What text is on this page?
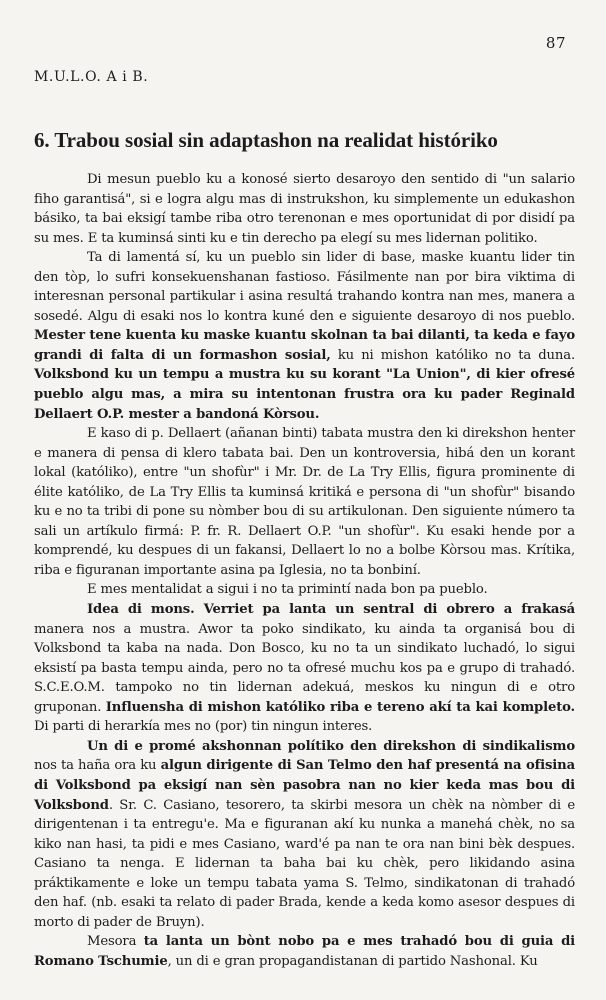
87
M.U.L.O. A i B.
6. Trabou sosial sin adaptashon na realidat históriko

Di mesun pueblo ku a konosé sierto desaroyo den sentido di "un salario fiho garantisá", si e logra algu mas di instrukshon, ku simplemente un edukashon básiko, ta bai eksigí tambe riba otro terenonan e mes oportunidat di por disidí pa su mes. E ta kuminsá sinti ku e tin derecho pa elegí su mes lidernan politiko.

Ta di lamentá sí, ku un pueblo sin lider di base, maske kuantu lider tin den tòp, lo sufri konsekuenshanan fastioso. Fásilmente nan por bira viktima di interesnan personal partikular i asina resultá trahando kontra nan mes, manera a sosedé. Algu di esaki nos lo kontra kuné den e siguiente desaroyo di nos pueblo. Mester tene kuenta ku maske kuantu skolnan ta bai dilanti, ta keda e fayo grandi di falta di un formashon sosial, ku ni mishon katóliko no ta duna. Volksbond ku un tempu a mustra ku su korant "La Union", di kier ofresé pueblo algu mas, a mira su intentonan frustra ora ku pader Reginald Dellaert O.P. mester a bandoná Kòrsou.

E kaso di p. Dellaert (añanan binti) tabata mustra den ki direkshon henter e manera di pensa di klero tabata bai. Den un kontroversia, hibá den un korant lokal (katóliko), entre "un shofùr" i Mr. Dr. de La Try Ellis, figura prominente di élite katóliko, de La Try Ellis ta kuminsá kritiká e persona di "un shofùr" bisando ku e no ta tribi di pone su nòmber bou di su artikulonan. Den siguiente número ta sali un artíkulo firmá: P. fr. R. Dellaert O.P. "un shofùr". Ku esaki hende por a komprendé, ku despues di un fakansi, Dellaert lo no a bolbe Kòrsou mas. Krítika, riba e figuranan importante asina pa Iglesia, no ta bonbiní.

E mes mentalidat a sigui i no ta primintí nada bon pa pueblo.

Idea di mons. Verriet pa lanta un sentral di obrero a frakasá manera nos a mustra. Awor ta poko sindikato, ku ainda ta organisá bou di Volksbond ta kaba na nada. Don Bosco, ku no ta un sindikato luchadó, lo sigui eksistí pa basta tempu ainda, pero no ta ofresé muchu kos pa e grupo di trahadó. S.C.E.O.M. tampoko no tin lidernan adekuá, meskos ku ningun di e otro gruponan. Influensha di mishon katóliko riba e tereno akí ta kai kompleto. Di parti di herarkía mes no (por) tin ningun interes.

Un di e promé akshonnan polítiko den direkshon di sindikalismo nos ta haña ora ku algun dirigente di San Telmo den haf presentá na ofisina di Volksbond pa eksigí nan sèn pasobra nan no kier keda mas bou di Volksbond. Sr. C. Casiano, tesorero, ta skirbi mesora un chèk na nòmber di e dirigentenan i ta entregu'e. Ma e figuranan akí ku nunka a manehá chèk, no sa kiko nan hasi, ta pidi e mes Casiano, ward'é pa nan te ora nan bini bèk despues. Casiano ta nenga. E lidernan ta baha bai ku chèk, pero likidando asina práktikamente e loke un tempu tabata yama S. Telmo, sindikatonan di trahadó den haf. (nb. esaki ta relato di pader Brada, kende a keda komo asesor despues di morto di pader de Bruyn).

Mesora ta lanta un bònt nobo pa e mes trahadó bou di guia di Romano Tschumie, un di e gran propagandistanan di partido Nashonal. Ku
